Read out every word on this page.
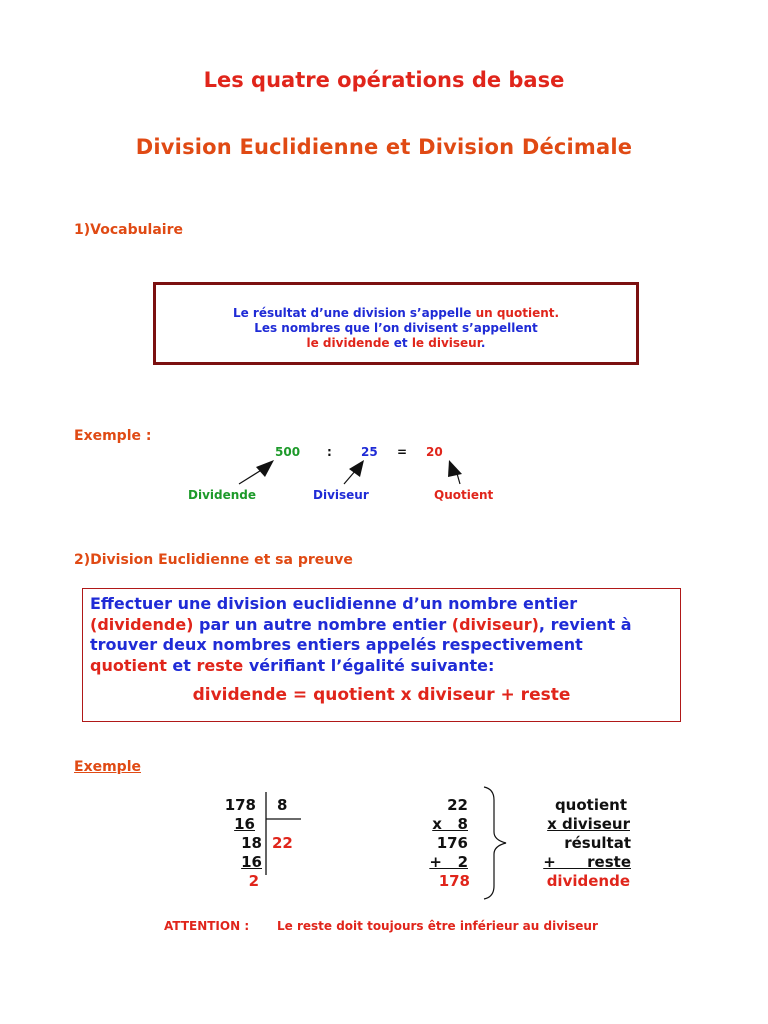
Les quatre opérations de base
Division Euclidienne et Division Décimale
1)Vocabulaire
Le résultat d’une division s’appelle un quotient.
Les nombres que l’on divisent s’appellent
le dividende et le diviseur.
Exemple :
500 : 25 = 20
Dividende	Diviseur	Quotient
2)Division Euclidienne et sa preuve
Effectuer une division euclidienne d’un nombre entier
(dividende) par un autre nombre entier (diviseur), revient à
trouver deux nombres entiers appelés respectivement
quotient et reste vérifiant l’égalité suivante:
dividende = quotient x diviseur + reste
Exemple
178 8
16
18 22
16
2
22
x   8
176
+   2
178
quotient
x diviseur
résultat
+      reste
dividende
ATTENTION : Le reste doit toujours être inférieur au diviseur
